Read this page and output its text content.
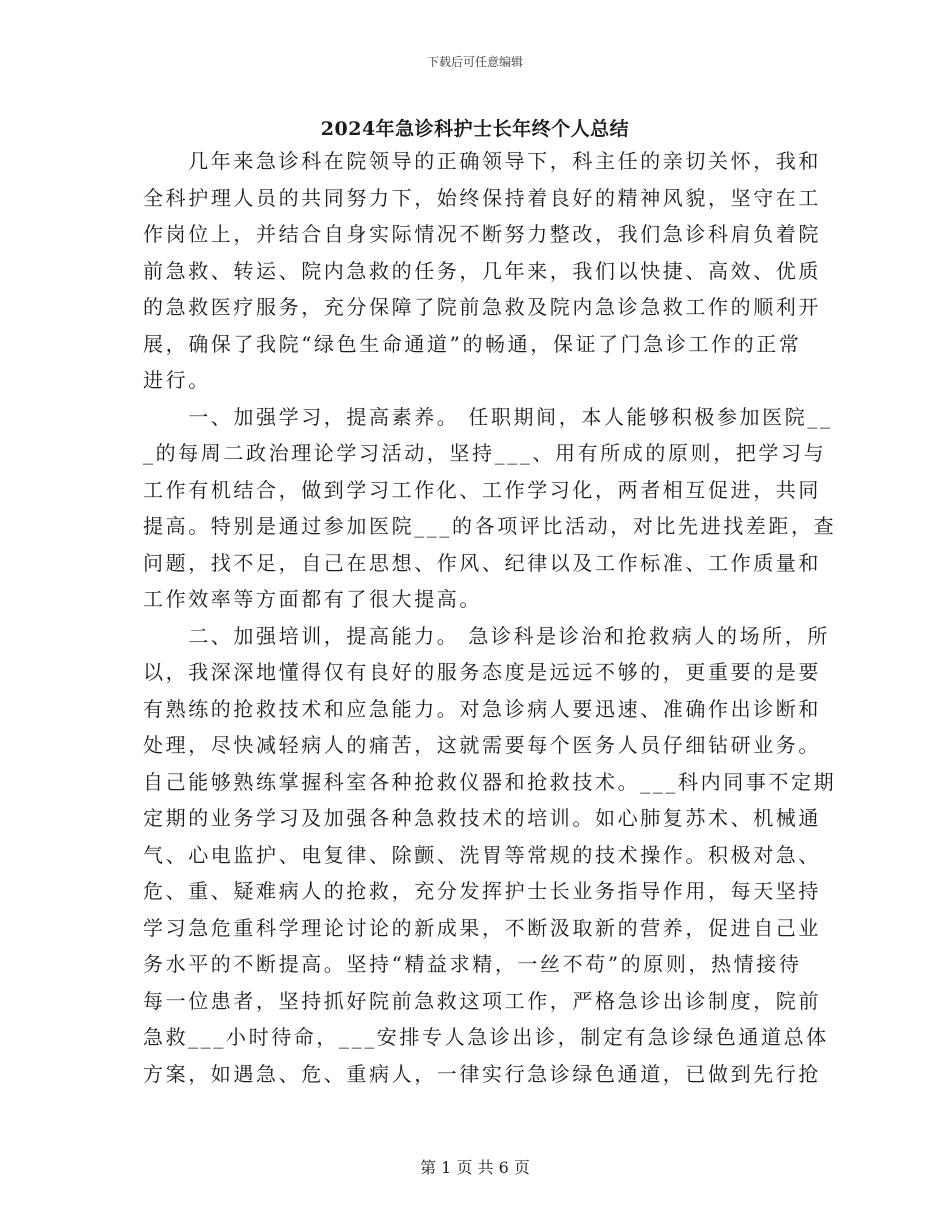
下载后可任意编辑
2024年急诊科护士长年终个人总结
　　几年来急诊科在院领导的正确领导下，科主任的亲切关怀，我和
全科护理人员的共同努力下，始终保持着良好的精神风貌，坚守在工
作岗位上，并结合自身实际情况不断努力整改，我们急诊科肩负着院
前急救、转运、院内急救的任务，几年来，我们以快捷、高效、优质
的急救医疗服务，充分保障了院前急救及院内急诊急救工作的顺利开
展，确保了我院“绿色生命通道”的畅通，保证了门急诊工作的正常
进行。
　　一、加强学习，提高素养。 任职期间，本人能够积极参加医院__
_的每周二政治理论学习活动，坚持___、用有所成的原则，把学习与
工作有机结合，做到学习工作化、工作学习化，两者相互促进，共同
提高。特别是通过参加医院___的各项评比活动，对比先进找差距，查
问题，找不足，自己在思想、作风、纪律以及工作标准、工作质量和
工作效率等方面都有了很大提高。
　　二、加强培训，提高能力。 急诊科是诊治和抢救病人的场所，所
以，我深深地懂得仅有良好的服务态度是远远不够的，更重要的是要
有熟练的抢救技术和应急能力。对急诊病人要迅速、准确作出诊断和
处理，尽快减轻病人的痛苦，这就需要每个医务人员仔细钻研业务。
自己能够熟练掌握科室各种抢救仪器和抢救技术。___科内同事不定期
定期的业务学习及加强各种急救技术的培训。如心肺复苏术、机械通
气、心电监护、电复律、除颤、洗胃等常规的技术操作。积极对急、
危、重、疑难病人的抢救，充分发挥护士长业务指导作用，每天坚持
学习急危重科学理论讨论的新成果，不断汲取新的营养，促进自己业
务水平的不断提高。坚持“精益求精，一丝不苟”的原则，热情接待
每一位患者，坚持抓好院前急救这项工作，严格急诊出诊制度，院前
急救___小时待命，___安排专人急诊出诊，制定有急诊绿色通道总体
方案，如遇急、危、重病人，一律实行急诊绿色通道，已做到先行抢
第 1 页 共 6 页
